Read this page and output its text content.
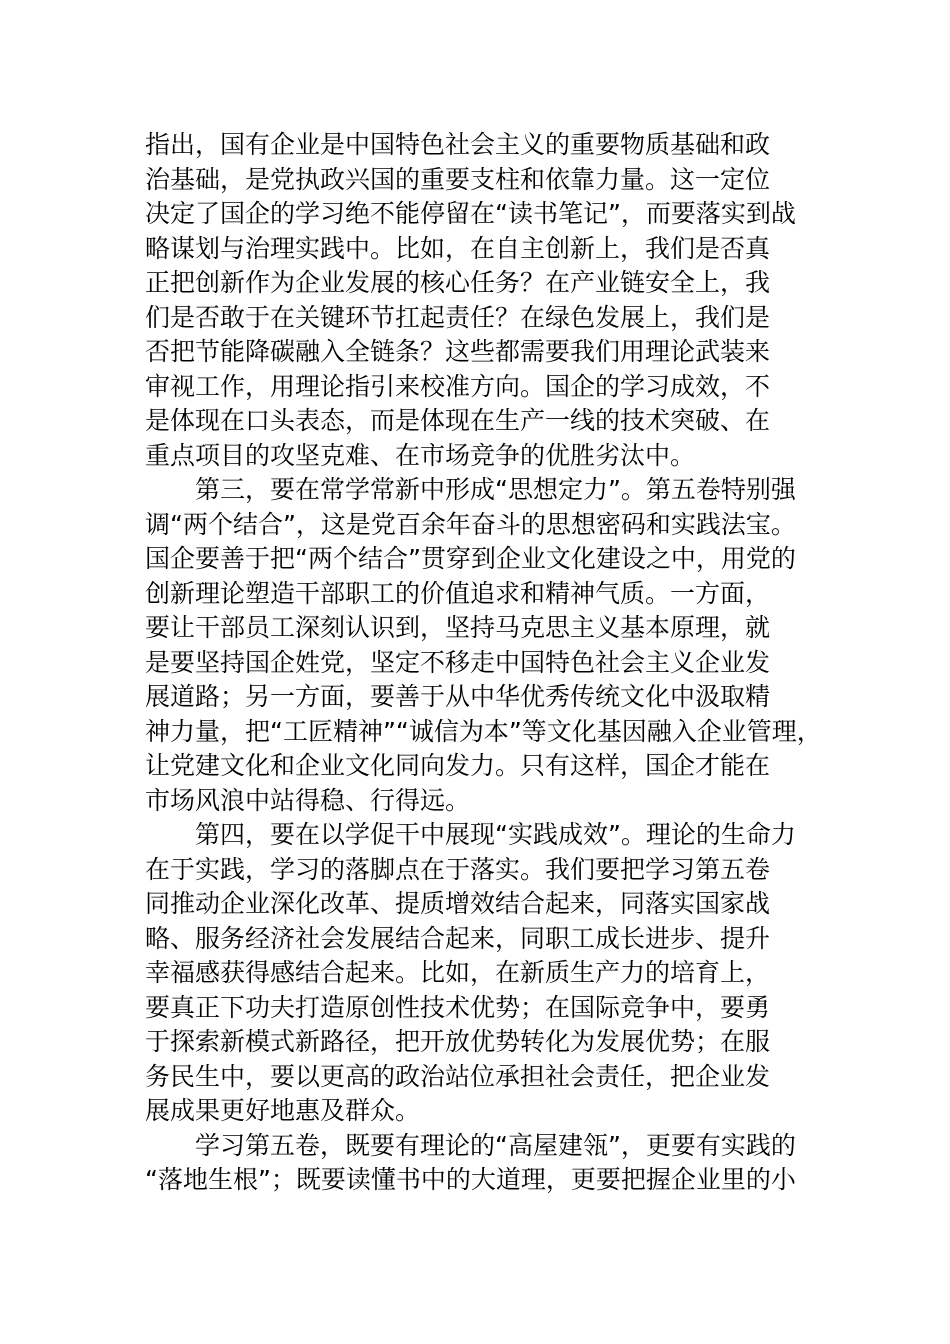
指出，国有企业是中国特色社会主义的重要物质基础和政
治基础，是党执政兴国的重要支柱和依靠力量。这一定位
决定了国企的学习绝不能停留在“读书笔记”，而要落实到战
略谋划与治理实践中。比如，在自主创新上，我们是否真
正把创新作为企业发展的核心任务？在产业链安全上，我
们是否敢于在关键环节扛起责任？在绿色发展上，我们是
否把节能降碳融入全链条？这些都需要我们用理论武装来
审视工作，用理论指引来校准方向。国企的学习成效，不
是体现在口头表态，而是体现在生产一线的技术突破、在
重点项目的攻坚克难、在市场竞争的优胜劣汰中。
　　第三，要在常学常新中形成“思想定力”。第五卷特别强
调“两个结合”，这是党百余年奋斗的思想密码和实践法宝。
国企要善于把“两个结合”贯穿到企业文化建设之中，用党的
创新理论塑造干部职工的价值追求和精神气质。一方面，
要让干部员工深刻认识到，坚持马克思主义基本原理，就
是要坚持国企姓党，坚定不移走中国特色社会主义企业发
展道路；另一方面，要善于从中华优秀传统文化中汲取精
神力量，把“工匠精神”“诚信为本”等文化基因融入企业管理，
让党建文化和企业文化同向发力。只有这样，国企才能在
市场风浪中站得稳、行得远。
　　第四，要在以学促干中展现“实践成效”。理论的生命力
在于实践，学习的落脚点在于落实。我们要把学习第五卷
同推动企业深化改革、提质增效结合起来，同落实国家战
略、服务经济社会发展结合起来，同职工成长进步、提升
幸福感获得感结合起来。比如，在新质生产力的培育上，
要真正下功夫打造原创性技术优势；在国际竞争中，要勇
于探索新模式新路径，把开放优势转化为发展优势；在服
务民生中，要以更高的政治站位承担社会责任，把企业发
展成果更好地惠及群众。
　　学习第五卷，既要有理论的“高屋建瓴”，更要有实践的
“落地生根”；既要读懂书中的大道理，更要把握企业里的小
